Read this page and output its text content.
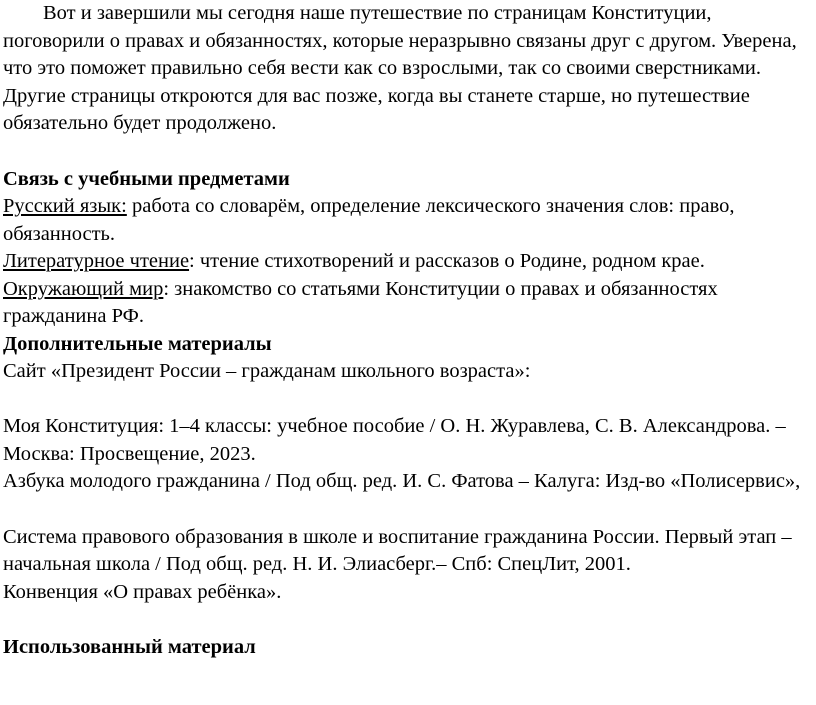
Вот и завершили мы сегодня наше путешествие по страницам Конституции,
поговорили о правах и обязанностях, которые неразрывно связаны друг с другом. Уверена,
что это поможет правильно себя вести как со взрослыми, так со своими сверстниками.
Другие страницы откроются для вас позже, когда вы станете старше, но путешествие
обязательно будет продолжено.
Связь с учебными предметами
Русский язык: работа со словарём, определение лексического значения слов: право,
обязанность.
Литературное чтение: чтение стихотворений и рассказов о Родине, родном крае.
Окружающий мир: знакомство со статьями Конституции о правах и обязанностях
гражданина РФ.
Дополнительные материалы
Сайт «Президент России – гражданам школьного возраста»:
Моя Конституция: 1–4 классы: учебное пособие / О. Н. Журавлева, С. В. Александрова. –
Москва: Просвещение, 2023.
Азбука молодого гражданина / Под общ. ред. И. С. Фатова – Калуга: Изд-во «Полисервис»,
Система правового образования в школе и воспитание гражданина России. Первый этап –
начальная школа / Под общ. ред. Н. И. Элиасберг.– Спб: СпецЛит, 2001.
Конвенция «О правах ребёнка».
Использованный материал
